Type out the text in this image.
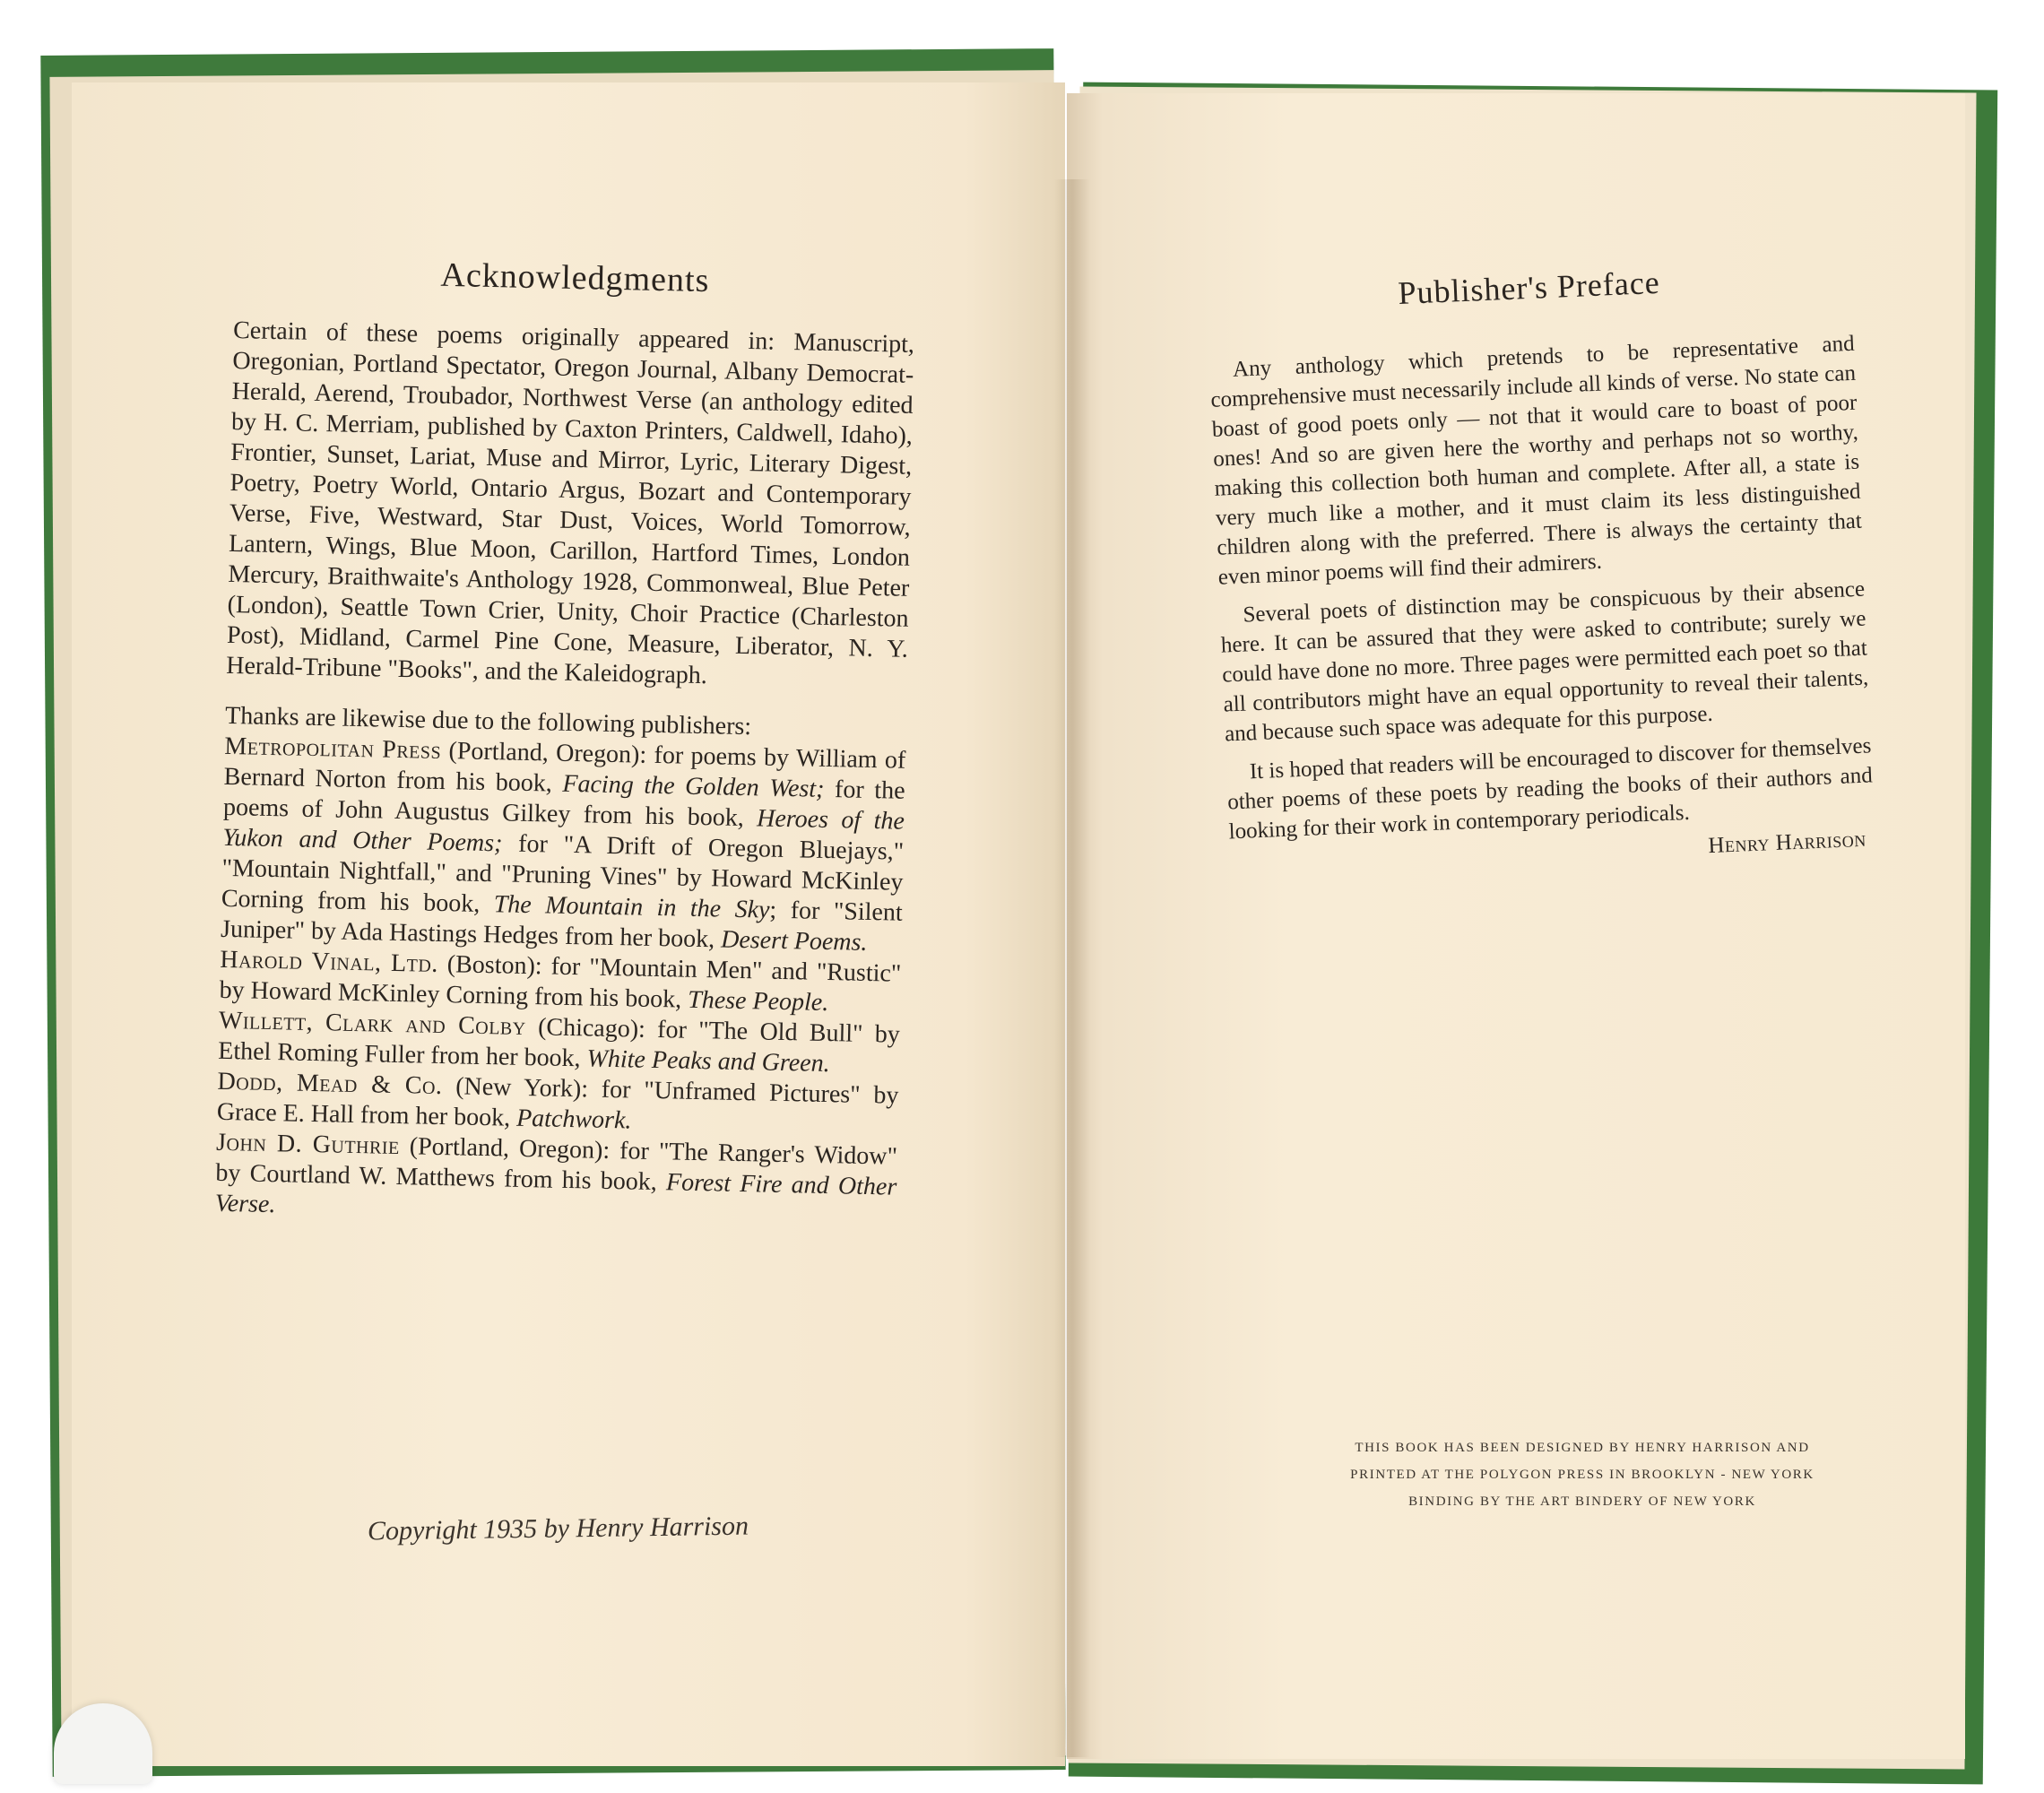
Acknowledgments

Certain of these poems originally appeared in: Manuscript, Oregonian, Portland Spectator, Oregon Journal, Albany Democrat-Herald, Aerend, Troubador, Northwest Verse (an anthology edited by H. C. Merriam, published by Caxton Printers, Caldwell, Idaho), Frontier, Sunset, Lariat, Muse and Mirror, Lyric, Literary Digest, Poetry, Poetry World, Ontario Argus, Bozart and Contemporary Verse, Five, Westward, Star Dust, Voices, World Tomorrow, Lantern, Wings, Blue Moon, Carillon, Hartford Times, London Mercury, Braithwaite's Anthology 1928, Commonweal, Blue Peter (London), Seattle Town Crier, Unity, Choir Practice (Charleston Post), Midland, Carmel Pine Cone, Measure, Liberator, N. Y. Herald-Tribune "Books", and the Kaleidograph.

Thanks are likewise due to the following publishers:

Metropolitan Press (Portland, Oregon): for poems by William of Bernard Norton from his book, Facing the Golden West; for the poems of John Augustus Gilkey from his book, Heroes of the Yukon and Other Poems; for "A Drift of Oregon Bluejays," "Mountain Nightfall," and "Pruning Vines" by Howard McKinley Corning from his book, The Mountain in the Sky; for "Silent Juniper" by Ada Hastings Hedges from her book, Desert Poems.
Harold Vinal, Ltd. (Boston): for "Mountain Men" and "Rustic" by Howard McKinley Corning from his book, These People.
Willett, Clark and Colby (Chicago): for "The Old Bull" by Ethel Roming Fuller from her book, White Peaks and Green.
Dodd, Mead & Co. (New York): for "Unframed Pictures" by Grace E. Hall from her book, Patchwork.
John D. Guthrie (Portland, Oregon): for "The Ranger's Widow" by Courtland W. Matthews from his book, Forest Fire and Other Verse.
Copyright 1935 by Henry Harrison
Publisher's Preface

Any anthology which pretends to be representative and comprehensive must necessarily include all kinds of verse. No state can boast of good poets only — not that it would care to boast of poor ones! And so are given here the worthy and perhaps not so worthy, making this collection both human and complete. After all, a state is very much like a mother, and it must claim its less distinguished children along with the preferred. There is always the certainty that even minor poems will find their admirers.

Several poets of distinction may be conspicuous by their absence here. It can be assured that they were asked to contribute; surely we could have done no more. Three pages were permitted each poet so that all contributors might have an equal opportunity to reveal their talents, and because such space was adequate for this purpose.

It is hoped that readers will be encouraged to discover for themselves other poems of these poets by reading the books of their authors and looking for their work in contemporary periodicals. Henry Harrison
THIS BOOK HAS BEEN DESIGNED BY HENRY HARRISON AND
PRINTED AT THE POLYGON PRESS IN BROOKLYN - NEW YORK
BINDING BY THE ART BINDERY OF NEW YORK
